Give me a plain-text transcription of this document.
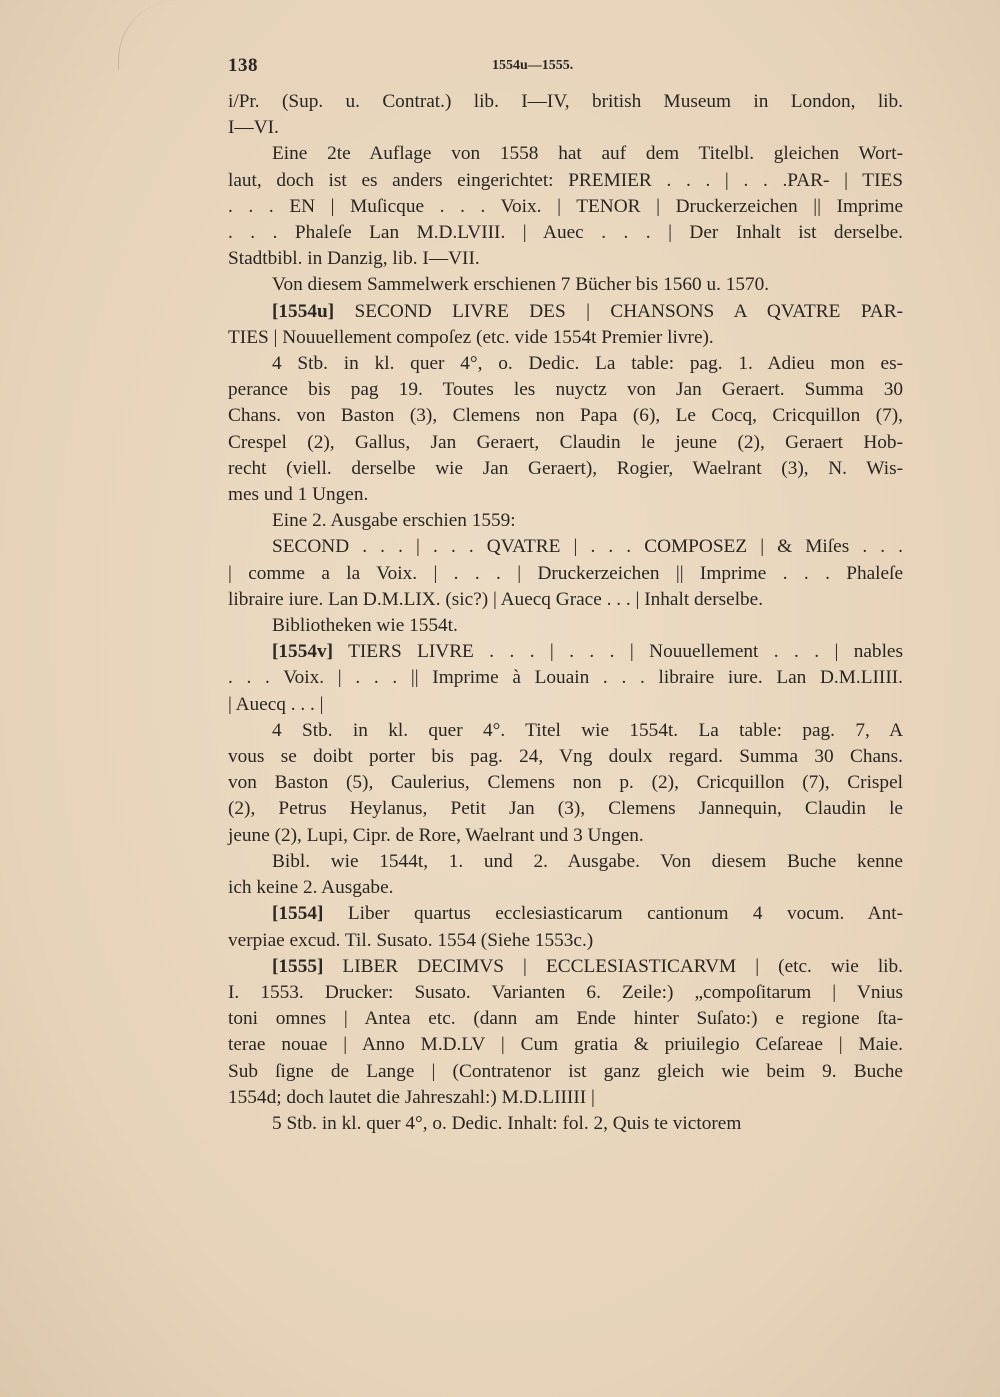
138	1554u—1555.

i/Pr. (Sup. u. Contrat.) lib. I—IV, british Museum in London, lib.
I—VI.

Eine 2te Auflage von 1558 hat auf dem Titelbl. gleichen Wort-
laut, doch ist es anders eingerichtet: PREMIER . . . | . . .PAR- | TIES
. . . EN | Muſicque . . . Voix. | TENOR | Druckerzeichen || Imprime
. . . Phaleſe Lan M.D.LVIII. | Auec . . . | Der Inhalt ist derselbe.
Stadtbibl. in Danzig, lib. I—VII.

Von diesem Sammelwerk erschienen 7 Bücher bis 1560 u. 1570.

[1554u] SECOND LIVRE DES | CHANSONS A QVATRE PAR-
TIES | Nouuellement compoſez (etc. vide 1554t Premier livre).

4 Stb. in kl. quer 4°, o. Dedic. La table: pag. 1. Adieu mon es-
perance bis pag 19. Toutes les nuyctz von Jan Geraert. Summa 30
Chans. von Baston (3), Clemens non Papa (6), Le Cocq, Cricquillon (7),
Crespel (2), Gallus, Jan Geraert, Claudin le jeune (2), Geraert Hob-
recht (viell. derselbe wie Jan Geraert), Rogier, Waelrant (3), N. Wis-
mes und 1 Ungen.

Eine 2. Ausgabe erschien 1559:

SECOND . . . | . . . QVATRE | . . . COMPOSEZ | & Miſes . . .
| comme a la Voix. | . . . | Druckerzeichen || Imprime . . . Phaleſe
libraire iure. Lan D.M.LIX. (sic?) | Auecq Grace . . . | Inhalt derselbe.

Bibliotheken wie 1554t.

[1554v] TIERS LIVRE . . . | . . . | Nouuellement . . . | nables
. . . Voix. | . . . || Imprime à Louain . . . libraire iure. Lan D.M.LIIII.
| Auecq . . . |

4 Stb. in kl. quer 4°. Titel wie 1554t. La table: pag. 7, A
vous se doibt porter bis pag. 24, Vng doulx regard. Summa 30 Chans.
von Baston (5), Caulerius, Clemens non p. (2), Cricquillon (7), Crispel
(2), Petrus Heylanus, Petit Jan (3), Clemens Jannequin, Claudin le
jeune (2), Lupi, Cipr. de Rore, Waelrant und 3 Ungen.

Bibl. wie 1544t, 1. und 2. Ausgabe. Von diesem Buche kenne
ich keine 2. Ausgabe.

[1554] Liber quartus ecclesiasticarum cantionum 4 vocum. Ant-
verpiae excud. Til. Susato. 1554 (Siehe 1553c.)

[1555] LIBER DECIMVS | ECCLESIASTICARVM | (etc. wie lib.
I. 1553. Drucker: Susato. Varianten 6. Zeile:) „compoſitarum | Vnius
toni omnes | Antea etc. (dann am Ende hinter Suſato:) e regione ſta-
terae nouae | Anno M.D.LV | Cum gratia & priuilegio Ceſareae | Maie.
Sub ſigne de Lange | (Contratenor ist ganz gleich wie beim 9. Buche
1554d; doch lautet die Jahreszahl:) M.D.LIIIII |

5 Stb. in kl. quer 4°, o. Dedic. Inhalt: fol. 2, Quis te victorem
